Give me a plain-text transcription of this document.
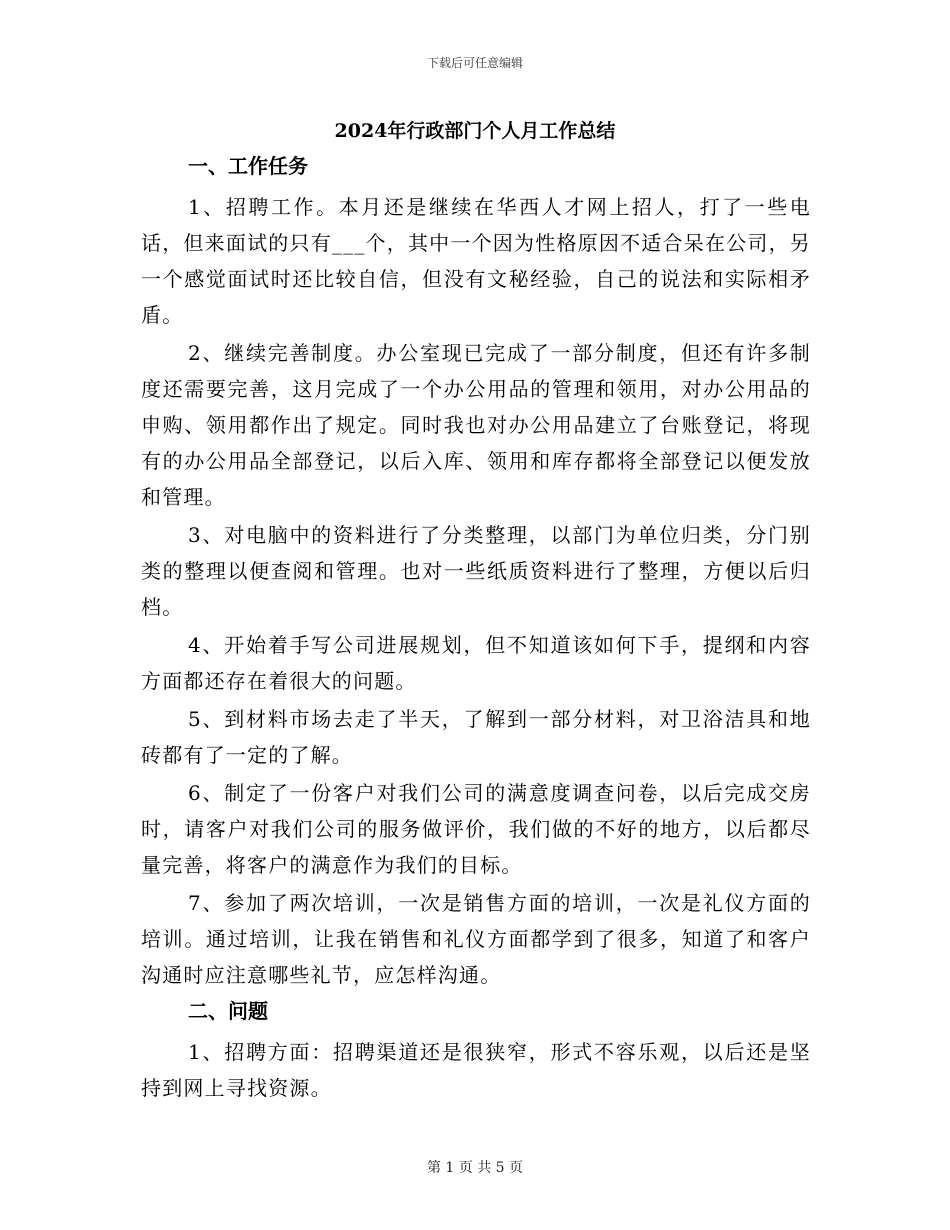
下载后可任意编辑
2024年行政部门个人月工作总结
一、工作任务

1、招聘工作。本月还是继续在华西人才网上招人，打了一些电话，但来面试的只有___个，其中一个因为性格原因不适合呆在公司，另一个感觉面试时还比较自信，但没有文秘经验，自己的说法和实际相矛盾。

2、继续完善制度。办公室现已完成了一部分制度，但还有许多制度还需要完善，这月完成了一个办公用品的管理和领用，对办公用品的申购、领用都作出了规定。同时我也对办公用品建立了台账登记，将现有的办公用品全部登记，以后入库、领用和库存都将全部登记以便发放和管理。

3、对电脑中的资料进行了分类整理，以部门为单位归类，分门别类的整理以便查阅和管理。也对一些纸质资料进行了整理，方便以后归档。

4、开始着手写公司进展规划，但不知道该如何下手，提纲和内容方面都还存在着很大的问题。

5、到材料市场去走了半天，了解到一部分材料，对卫浴洁具和地砖都有了一定的了解。

6、制定了一份客户对我们公司的满意度调查问卷，以后完成交房时，请客户对我们公司的服务做评价，我们做的不好的地方，以后都尽量完善，将客户的满意作为我们的目标。

7、参加了两次培训，一次是销售方面的培训，一次是礼仪方面的培训。通过培训，让我在销售和礼仪方面都学到了很多，知道了和客户沟通时应注意哪些礼节，应怎样沟通。

二、问题

1、招聘方面：招聘渠道还是很狭窄，形式不容乐观，以后还是坚持到网上寻找资源。

第 1 页 共 5 页
